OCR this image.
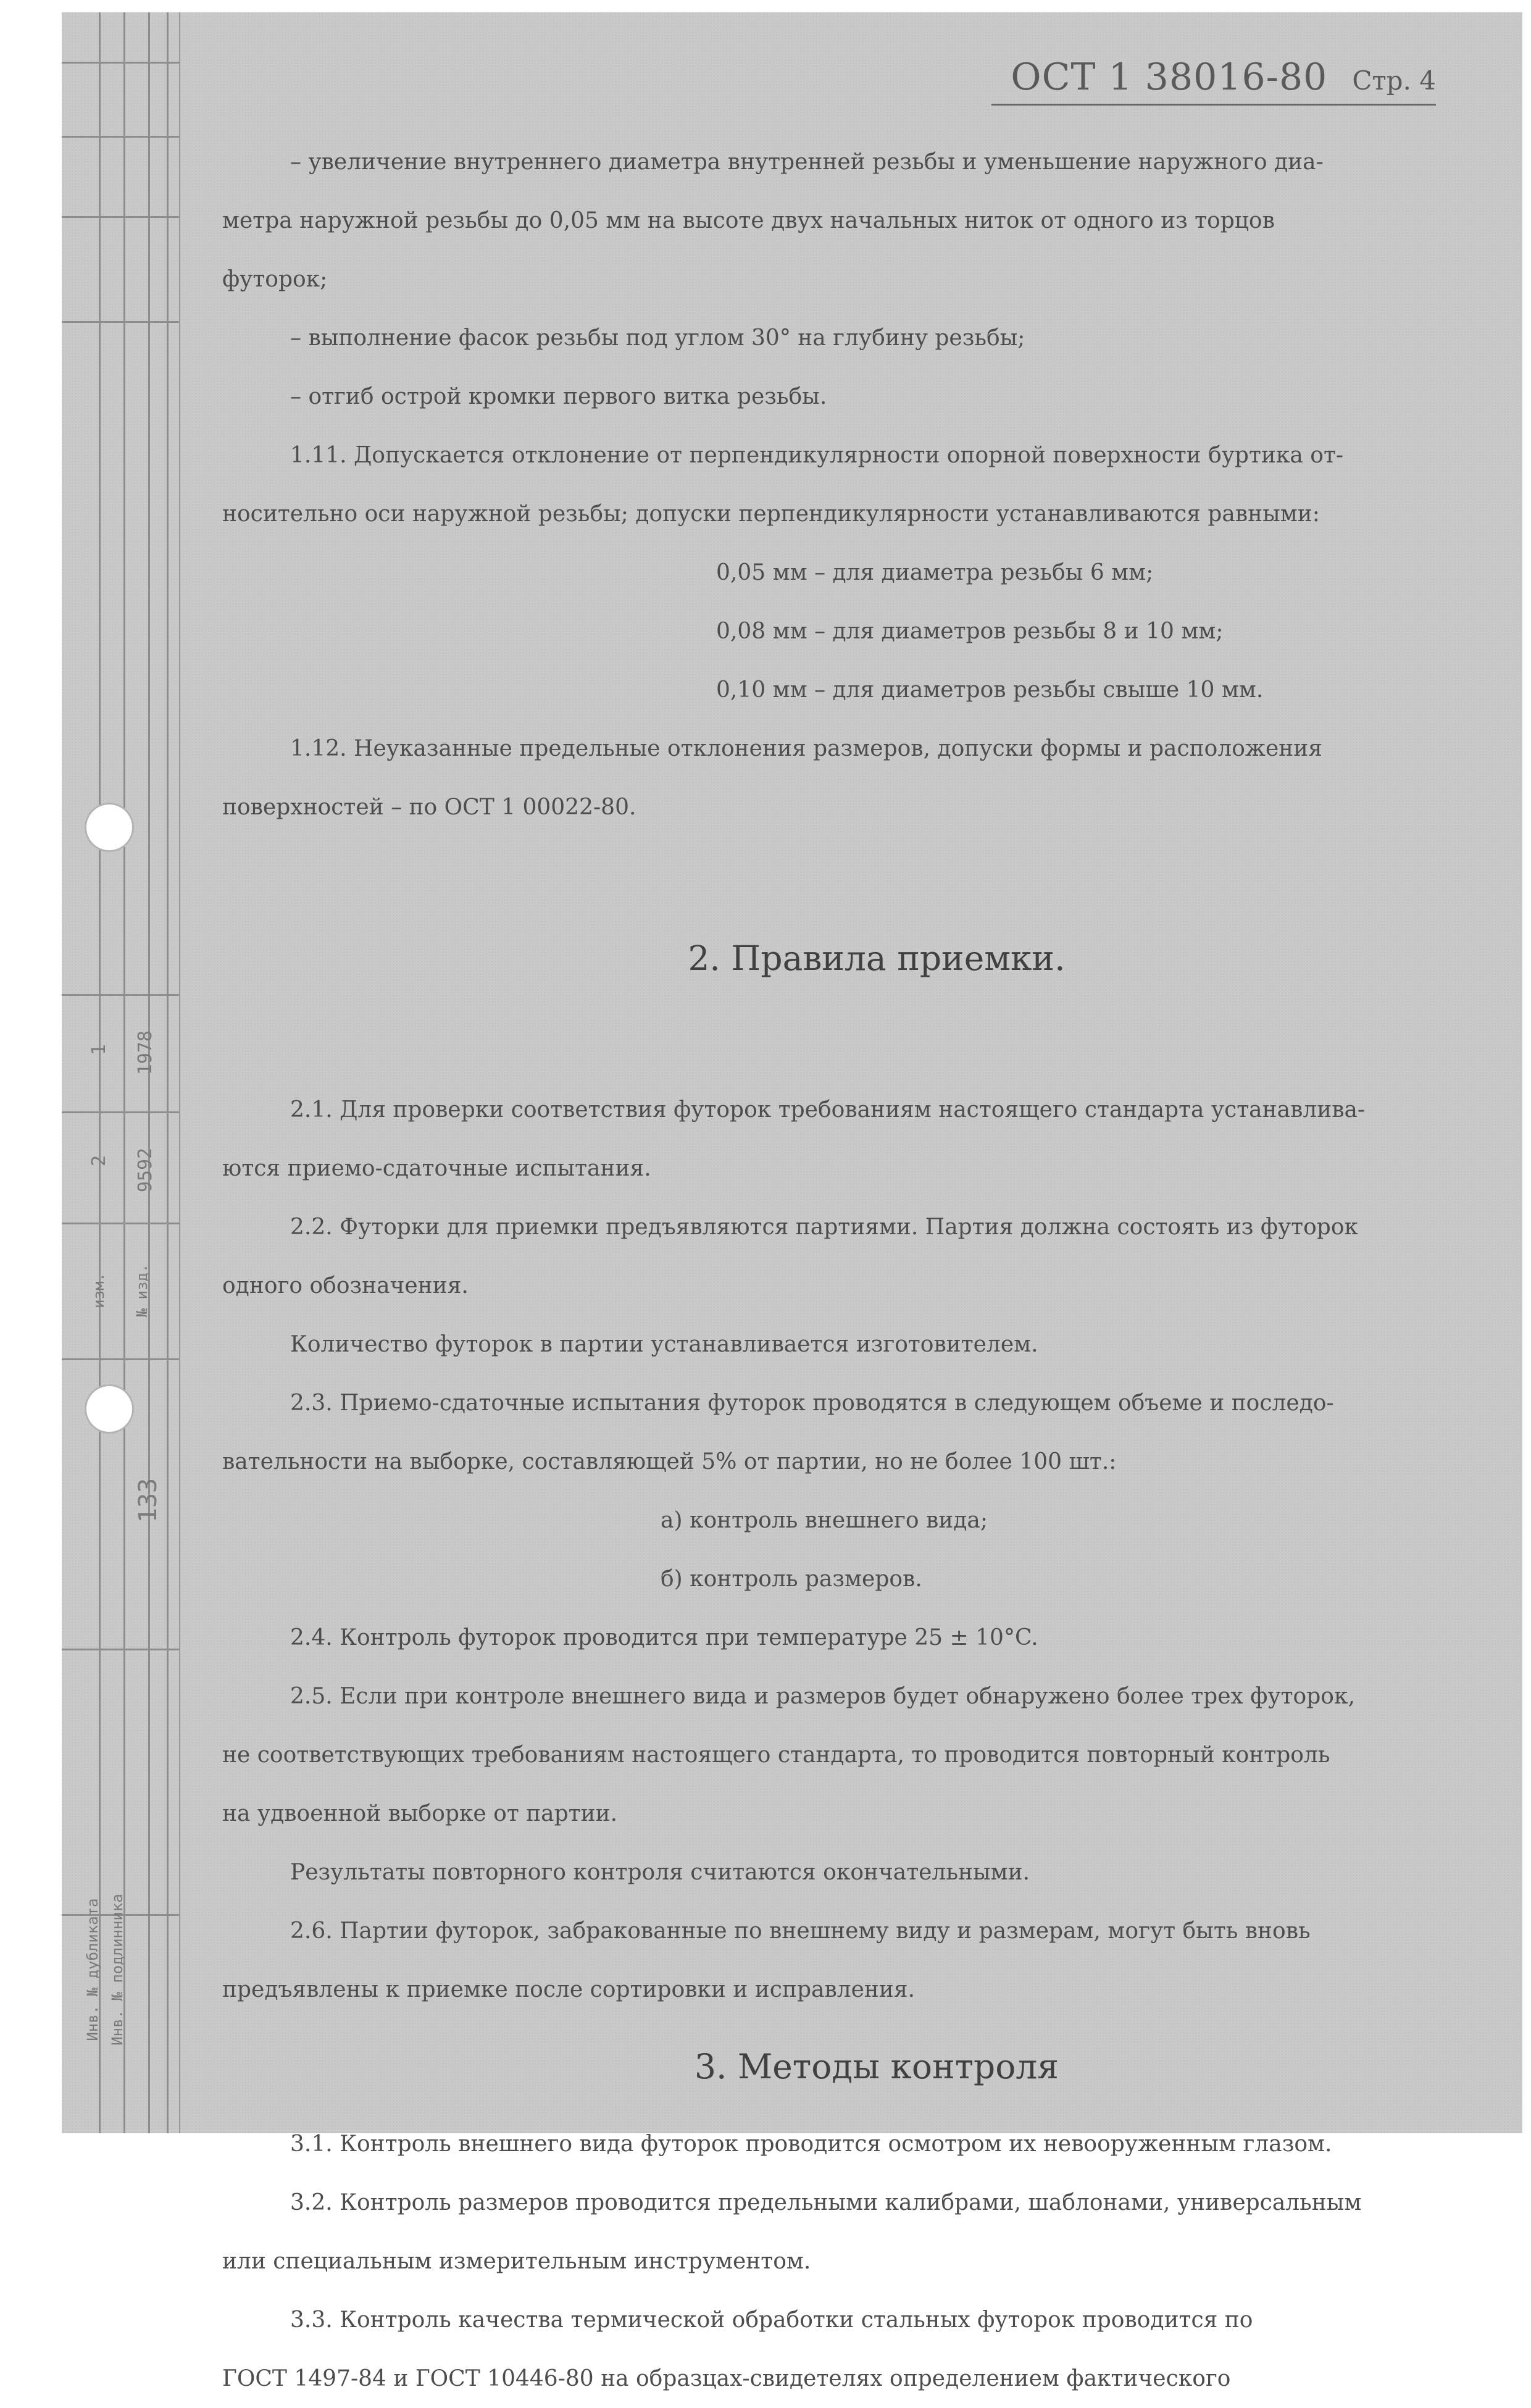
1
2 9592
1978
изм. № изд.
133
Инв. № дубликата Инв. № подлинника
ОСТ 1 38016-80 Стр. 4

– увеличение внутреннего диаметра внутренней резьбы и уменьшение наружного диа-

метра наружной резьбы до 0,05 мм на высоте двух начальных ниток от одного из торцов

футорок;

– выполнение фасок резьбы под углом 30° на глубину резьбы;

– отгиб острой кромки первого витка резьбы.

1.11. Допускается отклонение от перпендикулярности опорной поверхности буртика от-

носительно оси наружной резьбы; допуски перпендикулярности устанавливаются равными:

0,05 мм – для диаметра резьбы 6 мм;

0,08 мм – для диаметров резьбы 8 и 10 мм;

0,10 мм – для диаметров резьбы свыше 10 мм.

1.12. Неуказанные предельные отклонения размеров, допуски формы и расположения

поверхностей – по ОСТ 1 00022-80.

2. Правила приемки.

2.1. Для проверки соответствия футорок требованиям настоящего стандарта устанавлива-

ются приемо-сдаточные испытания.

2.2. Футорки для приемки предъявляются партиями. Партия должна состоять из футорок

одного обозначения.

Количество футорок в партии устанавливается изготовителем.

2.3. Приемо-сдаточные испытания футорок проводятся в следующем объеме и последо-

вательности на выборке, составляющей 5% от партии, но не более 100 шт.:

а) контроль внешнего вида;

б) контроль размеров.

2.4. Контроль футорок проводится при температуре 25 ± 10°C.

2.5. Если при контроле внешнего вида и размеров будет обнаружено более трех футорок,

не соответствующих требованиям настоящего стандарта, то проводится повторный контроль

на удвоенной выборке от партии.

Результаты повторного контроля считаются окончательными.

2.6. Партии футорок, забракованные по внешнему виду и размерам, могут быть вновь

предъявлены к приемке после сортировки и исправления.

3. Методы контроля

3.1. Контроль внешнего вида футорок проводится осмотром их невооруженным глазом.

3.2. Контроль размеров проводится предельными калибрами, шаблонами, универсальным

или специальным измерительным инструментом.

3.3. Контроль качества термической обработки стальных футорок проводится по

ГОСТ 1497-84 и ГОСТ 10446-80 на образцах-свидетелях определением фактического
